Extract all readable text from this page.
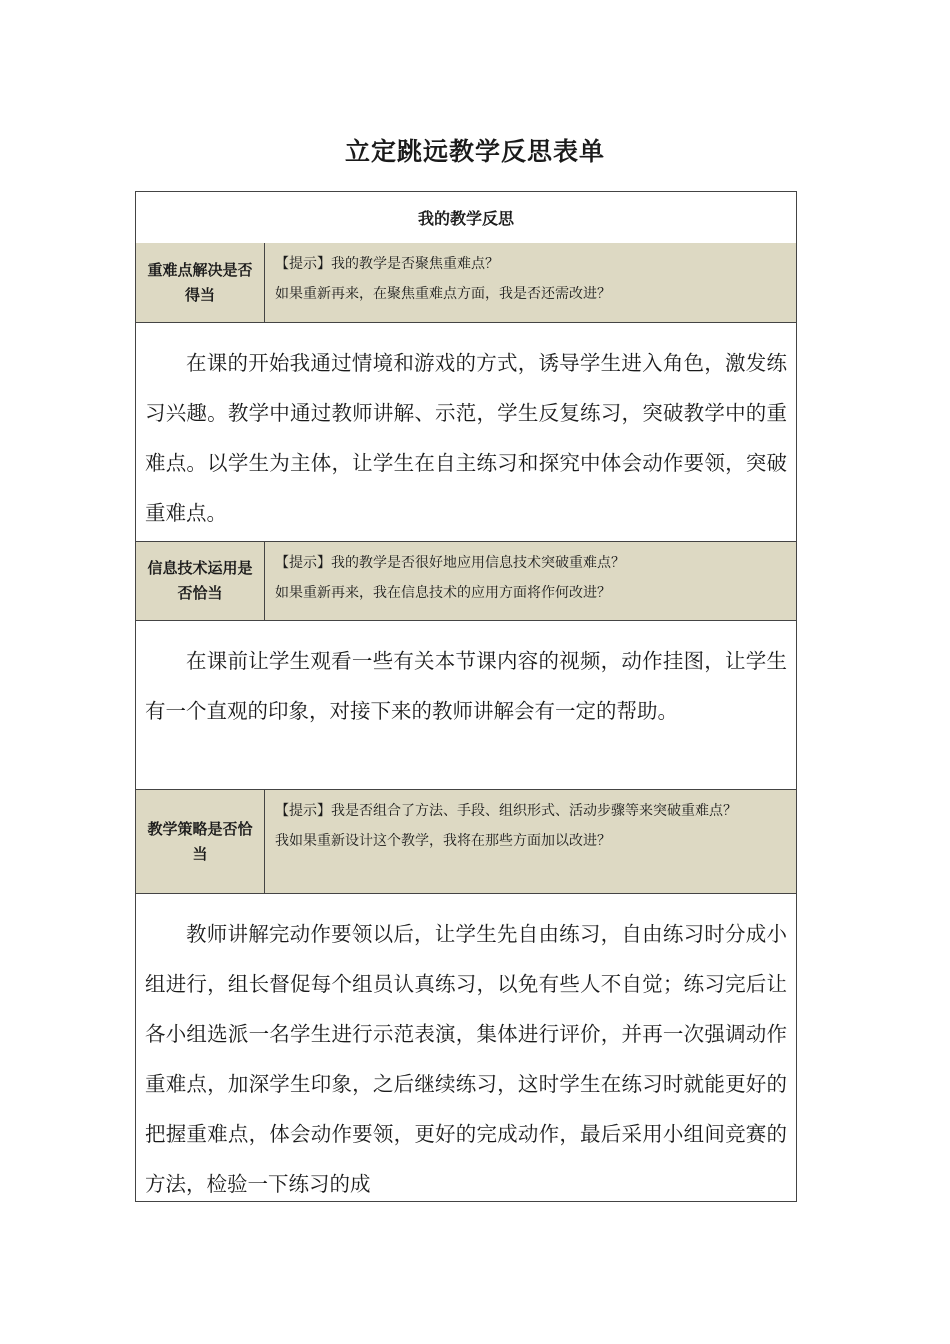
立定跳远教学反思表单
我的教学反思
重难点解决是否得当

【提示】我的教学是否聚焦重难点？

如果重新再来，在聚焦重难点方面，我是否还需改进？

在课的开始我通过情境和游戏的方式，诱导学生进入角色，激发练习兴趣。教学中通过教师讲解、示范，学生反复练习，突破教学中的重难点。以学生为主体，让学生在自主练习和探究中体会动作要领，突破重难点。

信息技术运用是否恰当

【提示】我的教学是否很好地应用信息技术突破重难点？

如果重新再来，我在信息技术的应用方面将作何改进？

在课前让学生观看一些有关本节课内容的视频，动作挂图，让学生有一个直观的印象，对接下来的教师讲解会有一定的帮助。

教学策略是否恰当

【提示】我是否组合了方法、手段、组织形式、活动步骤等来突破重难点？

我如果重新设计这个教学，我将在那些方面加以改进？

教师讲解完动作要领以后，让学生先自由练习，自由练习时分成小组进行，组长督促每个组员认真练习，以免有些人不自觉；练习完后让各小组选派一名学生进行示范表演，集体进行评价，并再一次强调动作重难点，加深学生印象，之后继续练习，这时学生在练习时就能更好的把握重难点，体会动作要领，更好的完成动作，最后采用小组间竞赛的方法，检验一下练习的成
